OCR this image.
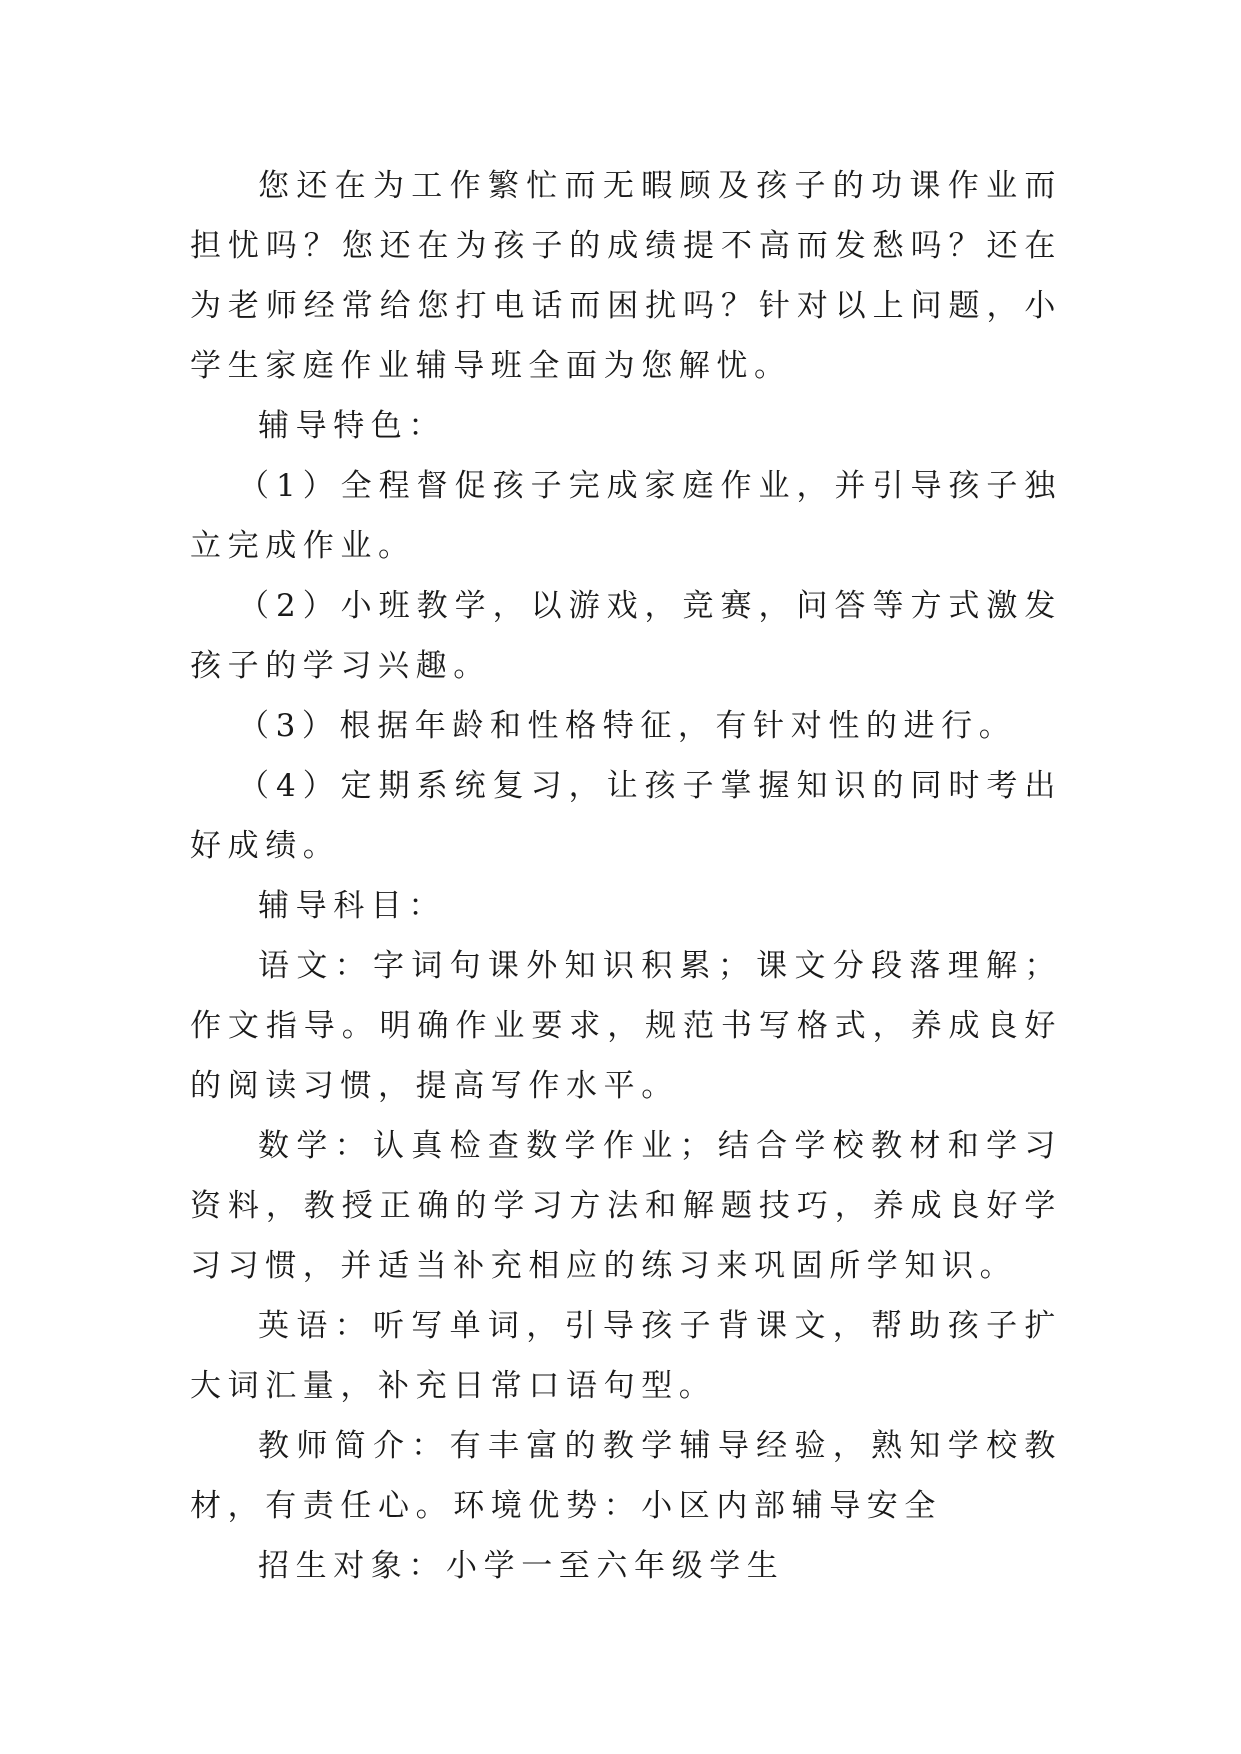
您还在为工作繁忙而无暇顾及孩子的功课作业而担忧吗？您还在为孩子的成绩提不高而发愁吗？还在为老师经常给您打电话而困扰吗？针对以上问题，小学生家庭作业辅导班全面为您解忧。

辅导特色：

（1）全程督促孩子完成家庭作业，并引导孩子独立完成作业。

（2）小班教学，以游戏，竞赛，问答等方式激发孩子的学习兴趣。

（3）根据年龄和性格特征，有针对性的进行。

（4）定期系统复习，让孩子掌握知识的同时考出好成绩。

辅导科目：

语文：字词句课外知识积累；课文分段落理解；作文指导。明确作业要求，规范书写格式，养成良好的阅读习惯，提高写作水平。

数学：认真检查数学作业；结合学校教材和学习资料，教授正确的学习方法和解题技巧，养成良好学习习惯，并适当补充相应的练习来巩固所学知识。

英语：听写单词，引导孩子背课文，帮助孩子扩大词汇量，补充日常口语句型。

教师简介：有丰富的教学辅导经验，熟知学校教材，有责任心。环境优势：小区内部辅导安全

招生对象：小学一至六年级学生
